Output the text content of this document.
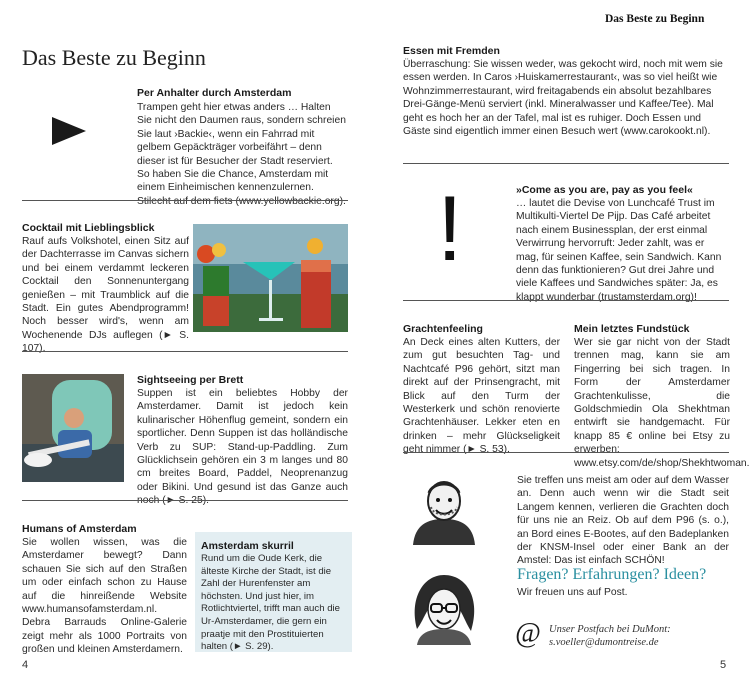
Das Beste zu Beginn
Das Beste zu Beginn
Per Anhalter durch Amsterdam
Trampen geht hier etwas anders … Halten Sie nicht den Daumen raus, sondern schreien Sie laut ›Backie‹, wenn ein Fahrrad mit gelbem Gepäckträger vorbeifährt – denn dieser ist für Besucher der Stadt reserviert. So haben Sie die Chance, Amsterdam mit einem Einheimischen kennenzulernen. Stilecht auf dem fiets (www.yellowbackie.org).
Cocktail mit Lieblingsblick
Rauf aufs Volkshotel, einen Sitz auf der Dachterrasse im Canvas sichern und bei einem verdammt leckeren Cocktail den Sonnenuntergang genießen – mit Traumblick auf die Stadt. Ein gutes Abendprogramm! Noch besser wird's, wenn am Wochenende DJs auflegen (► S. 107).
Sightseeing per Brett
Suppen ist ein beliebtes Hobby der Amsterdamer. Damit ist jedoch kein kulinarischer Höhenflug gemeint, sondern ein sportlicher. Denn Suppen ist das holländische Verb zu SUP: Stand-up-Paddling. Zum Glücklichsein gehören ein 3 m langes und 80 cm breites Board, Paddel, Neoprenanzug oder Bikini. Und gesund ist das Ganze auch noch (► S. 25).
Humans of Amsterdam
Sie wollen wissen, was die Amsterdamer bewegt? Dann schauen Sie sich auf den Straßen um oder einfach schon zu Hause auf die hinreißende Website www.humansofamsterdam.nl. Debra Barrauds Online-Galerie zeigt mehr als 1000 Portraits von großen und kleinen Amsterdamern.
Amsterdam skurril
Rund um die Oude Kerk, die älteste Kirche der Stadt, ist die Zahl der Hurenfenster am höchsten. Und just hier, im Rotlichtviertel, trifft man auch die Ur-Amsterdamer, die gern ein praatje mit den Prostituierten halten (► S. 29).
4
Essen mit Fremden
Überraschung: Sie wissen weder, was gekocht wird, noch mit wem sie essen werden. In Caros ›Huiskamerrestaurant‹, was so viel heißt wie Wohnzimmerrestaurant, wird freitagabends ein absolut bezahlbares Drei-Gänge-Menü serviert (inkl. Mineralwasser und Kaffee/Tee). Mal geht es hoch her an der Tafel, mal ist es ruhiger. Doch Essen und Gäste sind eigentlich immer einen Besuch wert (www.carokookt.nl).
!	»Come as you are, pay as you feel«
… lautet die Devise von Lunchcafé Trust im Multikulti-Viertel De Pijp. Das Café arbeitet nach einem Businessplan, der erst einmal Verwirrung hervorruft: Jeder zahlt, was er mag, für seinen Kaffee, sein Sandwich. Kann denn das funktionieren? Gut drei Jahre und viele Kaffees und Sandwiches später: Ja, es klappt wunderbar (trustamsterdam.org)!
Grachtenfeeling
An Deck eines alten Kutters, der zum gut besuchten Tag- und Nachtcafé P96 gehört, sitzt man direkt auf der Prinsengracht, mit Blick auf den Turm der Westerkerk und schön renovierte Grachtenhäuser. Lekker eten en drinken – mehr Glückseligkeit geht nimmer (► S. 53).
Mein letztes Fundstück
Wer sie gar nicht von der Stadt trennen mag, kann sie am Fingerring bei sich tragen. In Form der Amsterdamer Grachtenkulisse, die Goldschmiedin Ola Shekhtman entwirft sie handgemacht. Für knapp 85 € online bei Etsy zu erwerben: www.etsy.com/de/shop/Shekhtwoman.
Sie treffen uns meist am oder auf dem Wasser an. Denn auch wenn wir die Stadt seit Langem kennen, verlieren die Grachten doch für uns nie an Reiz. Ob auf dem P96 (s. o.), an Bord eines E-Bootes, auf den Badeplanken der KNSM-Insel oder einer Bank an der Amstel: Das ist einfach SCHÖN!
Fragen? Erfahrungen? Ideen?
Wir freuen uns auf Post.
@ Unser Postfach bei DuMont:
s.voeller@dumontreise.de
5
